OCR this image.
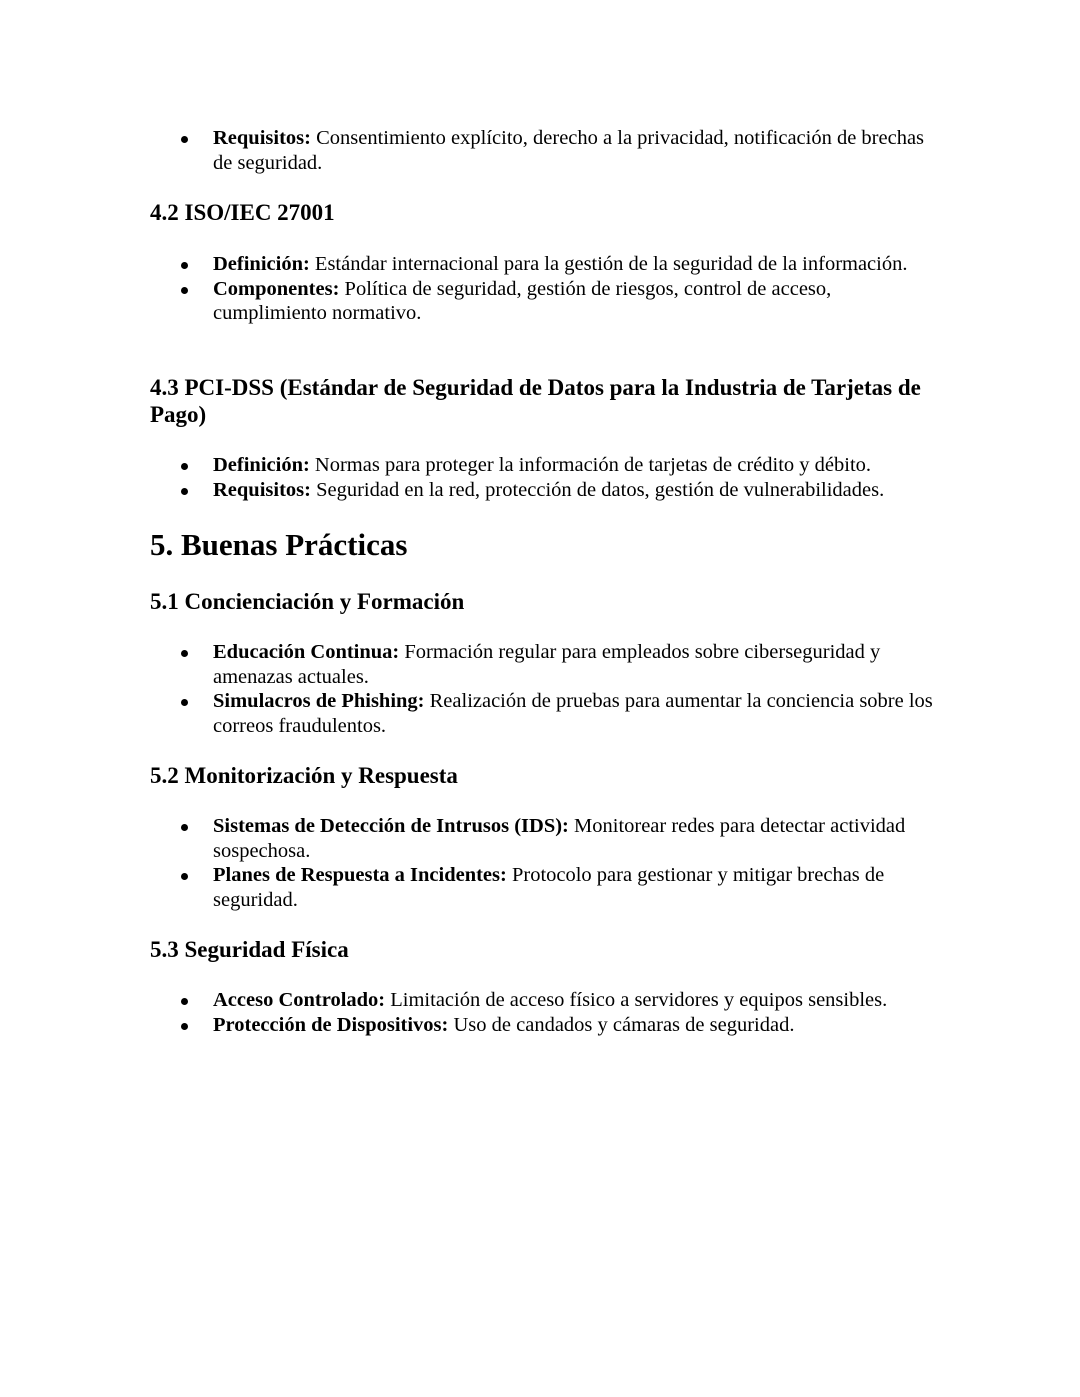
Requisitos: Consentimiento explícito, derecho a la privacidad, notificación de brechas de seguridad.
4.2 ISO/IEC 27001
Definición: Estándar internacional para la gestión de la seguridad de la información.
Componentes: Política de seguridad, gestión de riesgos, control de acceso, cumplimiento normativo.
4.3 PCI-DSS (Estándar de Seguridad de Datos para la Industria de Tarjetas de Pago)
Definición: Normas para proteger la información de tarjetas de crédito y débito.
Requisitos: Seguridad en la red, protección de datos, gestión de vulnerabilidades.
5. Buenas Prácticas
5.1 Concienciación y Formación
Educación Continua: Formación regular para empleados sobre ciberseguridad y amenazas actuales.
Simulacros de Phishing: Realización de pruebas para aumentar la conciencia sobre los correos fraudulentos.
5.2 Monitorización y Respuesta
Sistemas de Detección de Intrusos (IDS): Monitorear redes para detectar actividad sospechosa.
Planes de Respuesta a Incidentes: Protocolo para gestionar y mitigar brechas de seguridad.
5.3 Seguridad Física
Acceso Controlado: Limitación de acceso físico a servidores y equipos sensibles.
Protección de Dispositivos: Uso de candados y cámaras de seguridad.
